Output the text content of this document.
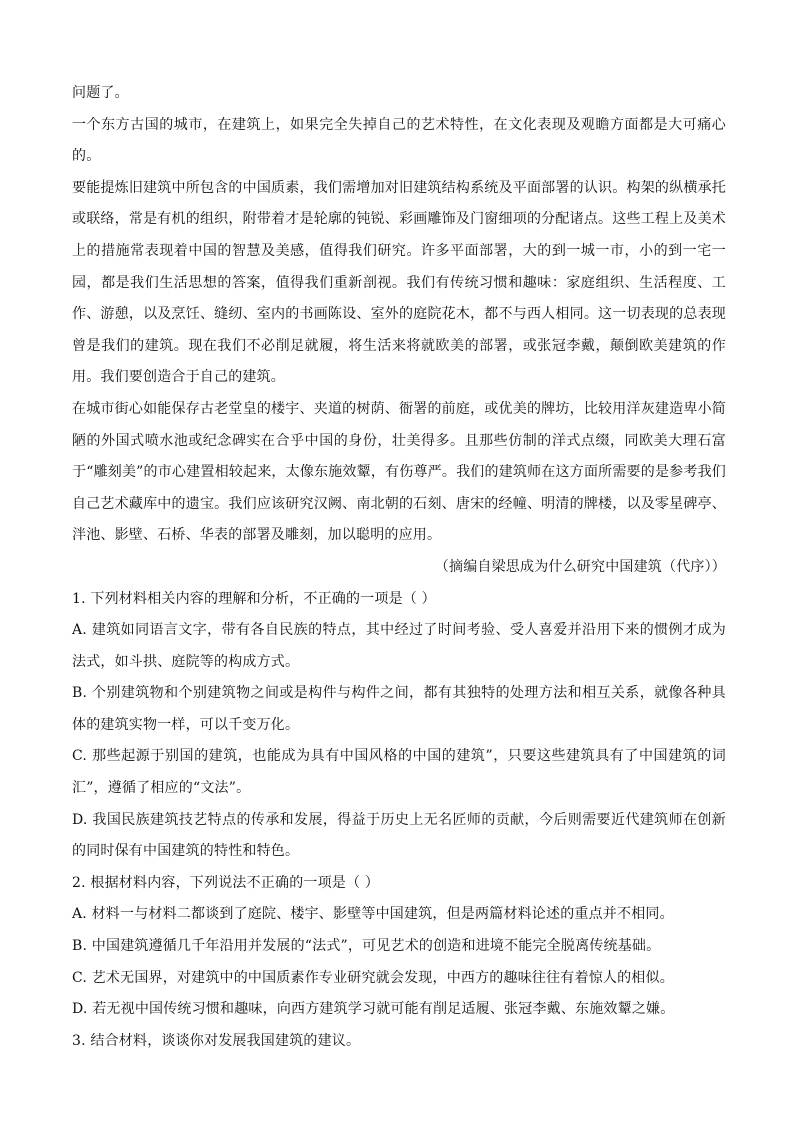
问题了。

一个东方古国的城市，在建筑上，如果完全失掉自己的艺术特性，在文化表现及观瞻方面都是大可痛心的。

要能提炼旧建筑中所包含的中国质素，我们需增加对旧建筑结构系统及平面部署的认识。构架的纵横承托或联络，常是有机的组织，附带着才是轮廓的钝锐、彩画雕饰及门窗细项的分配诸点。这些工程上及美术上的措施常表现着中国的智慧及美感，值得我们研究。许多平面部署，大的到一城一市，小的到一宅一园，都是我们生活思想的答案，值得我们重新剖视。我们有传统习惯和趣味：家庭组织、生活程度、工作、游憩，以及烹饪、缝纫、室内的书画陈设、室外的庭院花木，都不与西人相同。这一切表现的总表现曾是我们的建筑。现在我们不必削足就履，将生活来将就欧美的部署，或张冠李戴，颠倒欧美建筑的作用。我们要创造合于自己的建筑。

在城市街心如能保存古老堂皇的楼宇、夹道的树荫、衙署的前庭，或优美的牌坊，比较用洋灰建造卑小简陋的外国式喷水池或纪念碑实在合乎中国的身份，壮美得多。且那些仿制的洋式点缀，同欧美大理石富于“雕刻美”的市心建置相较起来，太像东施效颦，有伤尊严。我们的建筑师在这方面所需要的是参考我们自己艺术藏库中的遗宝。我们应该研究汉阙、南北朝的石刻、唐宋的经幢、明清的牌楼，以及零星碑亭、泮池、影壁、石桥、华表的部署及雕刻，加以聪明的应用。

（摘编自梁思成为什么研究中国建筑（代序））

1. 下列材料相关内容的理解和分析，不正确的一项是（ ）

A. 建筑如同语言文字，带有各自民族的特点，其中经过了时间考验、受人喜爱并沿用下来的惯例才成为法式，如斗拱、庭院等的构成方式。

B. 个别建筑物和个别建筑物之间或是构件与构件之间，都有其独特的处理方法和相互关系，就像各种具体的建筑实物一样，可以千变万化。

C. 那些起源于别国的建筑，也能成为具有中国风格的中国的建筑”，只要这些建筑具有了中国建筑的词汇”，遵循了相应的“文法”。

D. 我国民族建筑技艺特点的传承和发展，得益于历史上无名匠师的贡献，今后则需要近代建筑师在创新的同时保有中国建筑的特性和特色。

2. 根据材料内容，下列说法不正确的一项是（ ）

A. 材料一与材料二都谈到了庭院、楼宇、影壁等中国建筑，但是两篇材料论述的重点并不相同。

B. 中国建筑遵循几千年沿用并发展的“法式”，可见艺术的创造和进境不能完全脱离传统基础。

C. 艺术无国界，对建筑中的中国质素作专业研究就会发现，中西方的趣味往往有着惊人的相似。

D. 若无视中国传统习惯和趣味，向西方建筑学习就可能有削足适履、张冠李戴、东施效颦之嫌。

3. 结合材料，谈谈你对发展我国建筑的建议。
